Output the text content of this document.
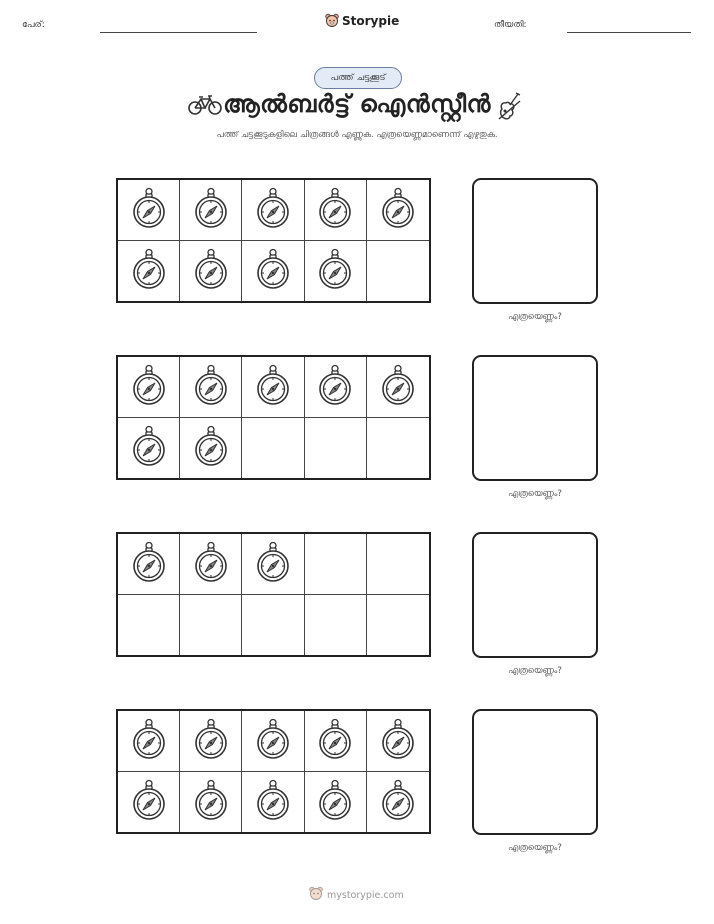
പേര്:	Storypie	തീയതി:
പത്ത് ചട്ടക്കൂട്
ആൽബർട്ട് ഐൻസ്റ്റീൻ
പത്ത് ചട്ടക്കൂടുകളിലെ ചിത്രങ്ങൾ എണ്ണുക. എത്രയെണ്ണമാണെന്ന് എഴുതുക.
എത്രയെണ്ണം?
എത്രയെണ്ണം?
എത്രയെണ്ണം?
എത്രയെണ്ണം?
mystorypie.com
